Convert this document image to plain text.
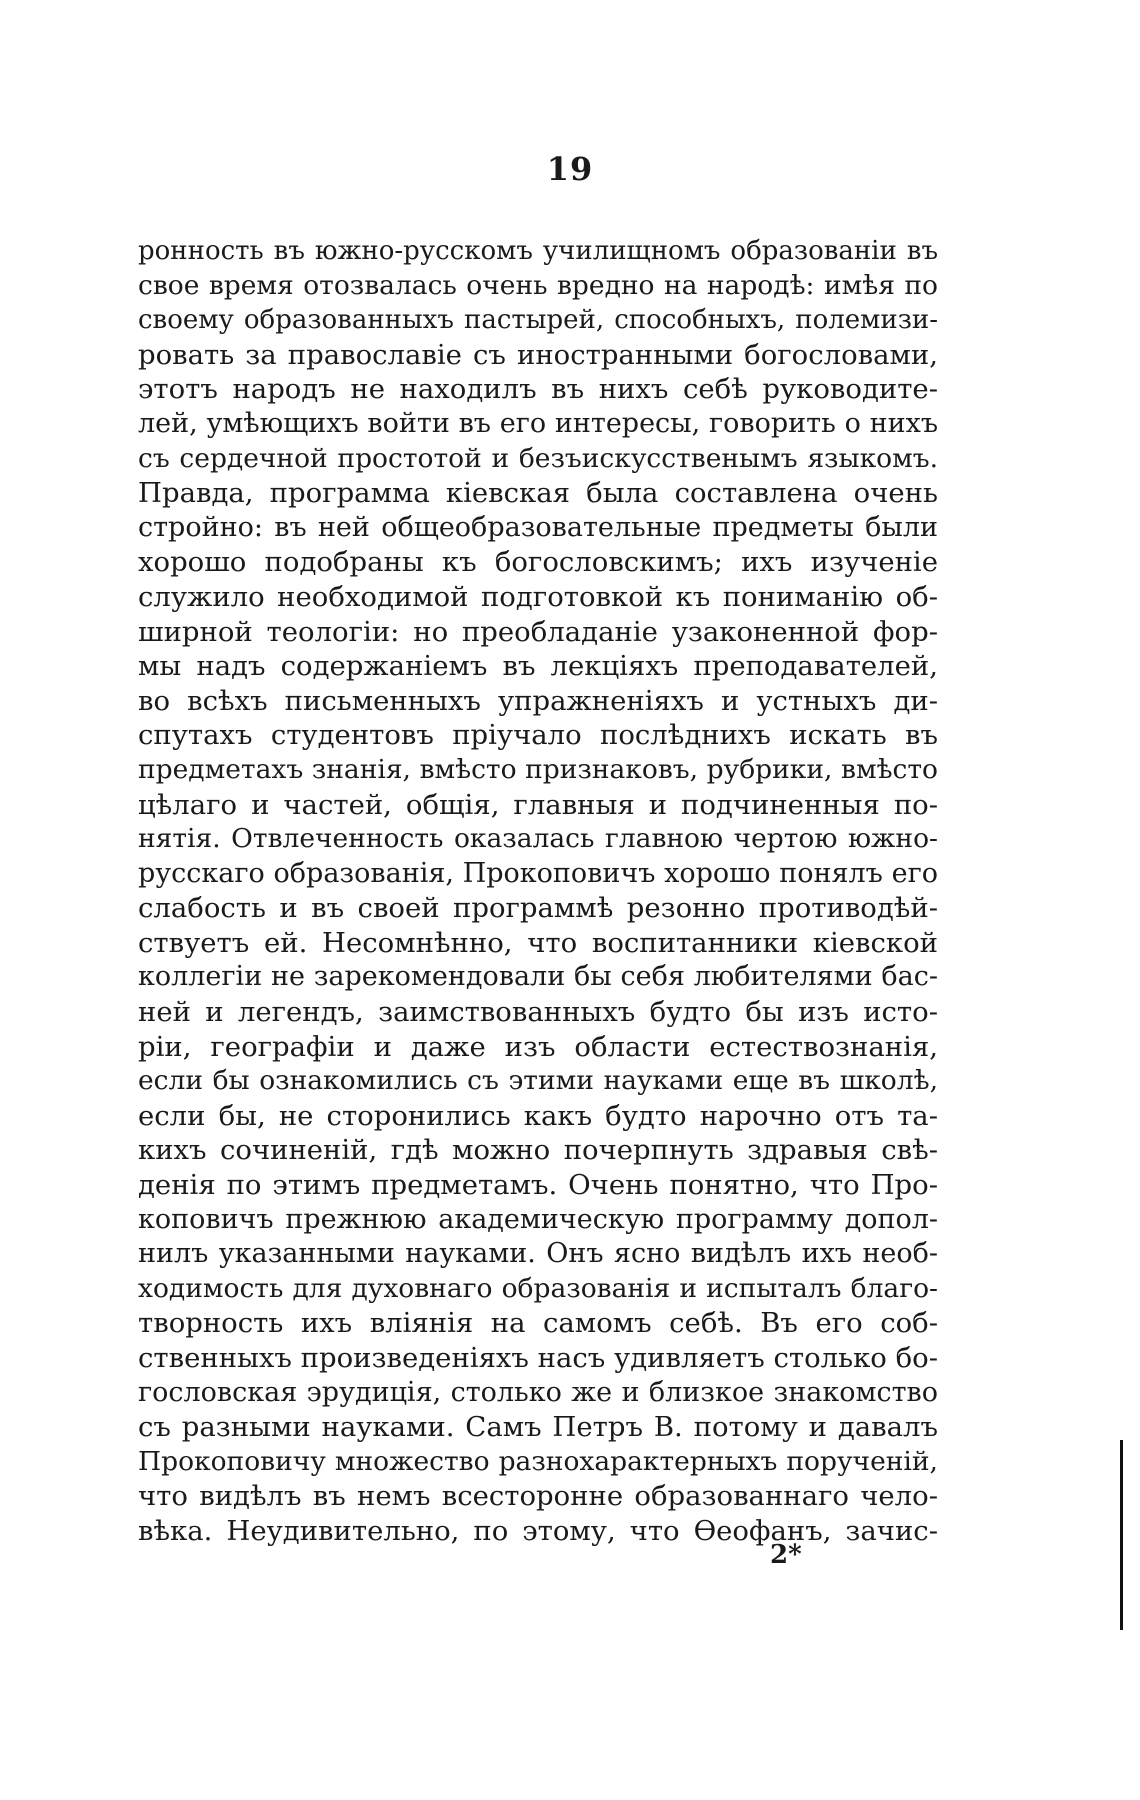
19
ронность въ южно-русскомъ училищномъ образованіи въ
свое время отозвалась очень вредно на народѣ: имѣя по
своему образованныхъ пастырей, способныхъ, полемизи-
ровать за православіе съ иностранными богословами,
этотъ народъ не находилъ въ нихъ себѣ руководите-
лей, умѣющихъ войти въ его интересы, говорить о нихъ
съ сердечной простотой и безъискусственымъ языкомъ.
Правда, программа кіевская была составлена очень
стройно: въ ней общеобразовательные предметы были
хорошо подобраны къ богословскимъ; ихъ изученіе
служило необходимой подготовкой къ пониманію об-
ширной теологіи: но преобладаніе узаконенной фор-
мы надъ содержаніемъ въ лекціяхъ преподавателей,
во всѣхъ письменныхъ упражненіяхъ и устныхъ ди-
спутахъ студентовъ пріучало послѣднихъ искать въ
предметахъ знанія, вмѣсто признаковъ, рубрики, вмѣсто
цѣлаго и частей, общія, главныя и подчиненныя по-
нятія. Отвлеченность оказалась главною чертою южно-
русскаго образованія, Прокоповичъ хорошо понялъ его
слабость и въ своей программѣ резонно противодѣй-
ствуетъ ей. Несомнѣнно, что воспитанники кіевской
коллегіи не зарекомендовали бы себя любителями бас-
ней и легендъ, заимствованныхъ будто бы изъ исто-
ріи, географіи и даже изъ области естествознанія,
если бы ознакомились съ этими науками еще въ школѣ,
если бы, не сторонились какъ будто нарочно отъ та-
кихъ сочиненій, гдѣ можно почерпнуть здравыя свѣ-
денія по этимъ предметамъ. Очень понятно, что Про-
коповичъ прежнюю академическую программу допол-
нилъ указанными науками. Онъ ясно видѣлъ ихъ необ-
ходимость для духовнаго образованія и испыталъ благо-
творность ихъ вліянія на самомъ себѣ. Въ его соб-
ственныхъ произведеніяхъ насъ удивляетъ столько бо-
гословская эрудиція, столько же и близкое знакомство
съ разными науками. Самъ Петръ В. потому и давалъ
Прокоповичу множество разнохарактерныхъ порученій,
что видѣлъ въ немъ всесторонне образованнаго чело-
вѣка. Неудивительно, по этому, что Ѳеофанъ, зачис-
2*
